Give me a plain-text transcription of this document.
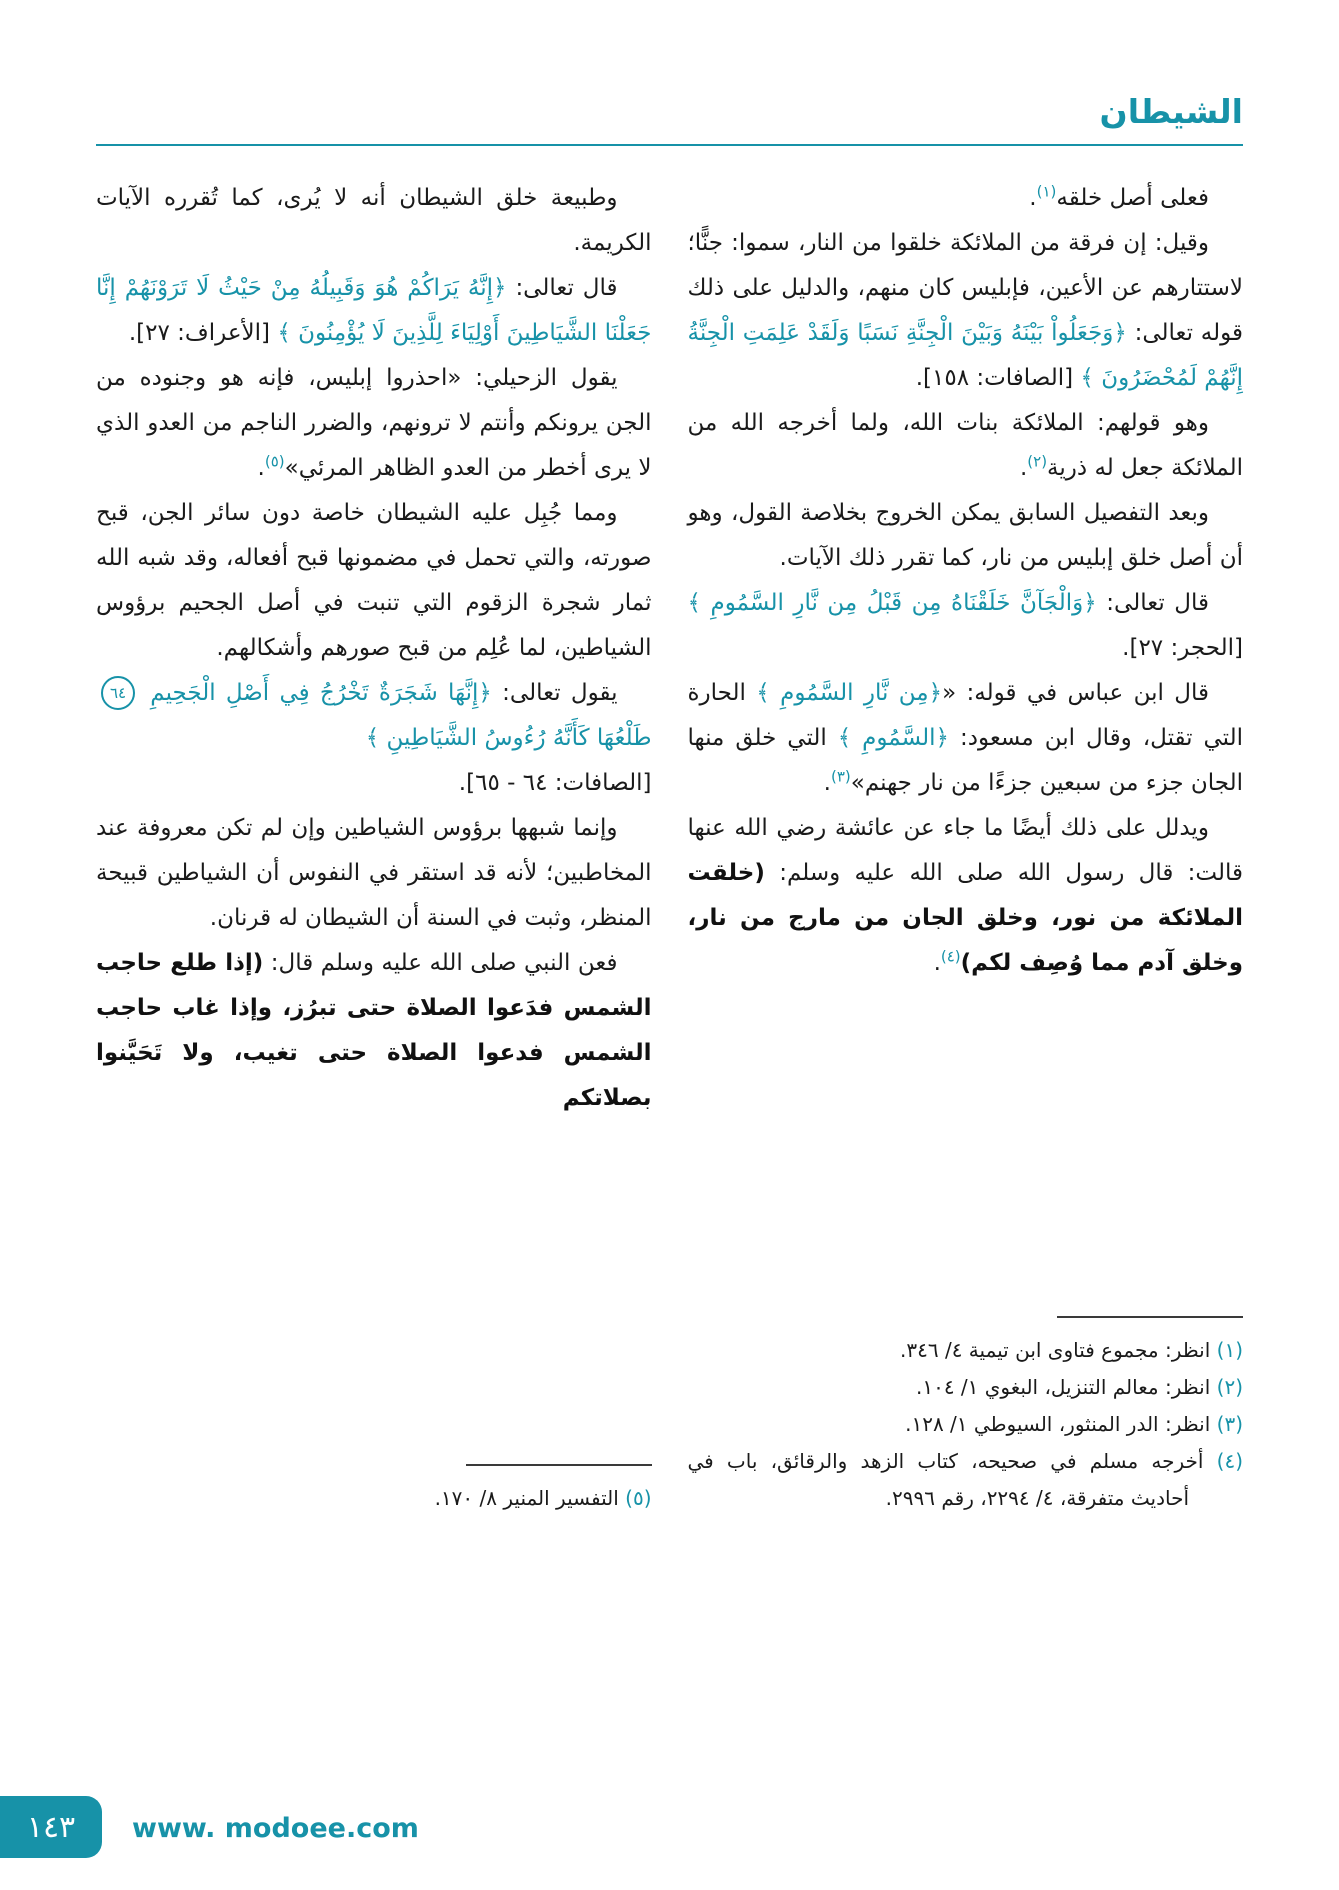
الشيطان

فعلى أصل خلقه$^{(١)}$.

وقيل: إن فرقة من الملائكة خلقوا من النار، سموا: جنًّا؛ لاستتارهم عن الأعين، فإبليس كان منهم، والدليل على ذلك قوله تعالى: ﴿وَجَعَلُواْ بَيْنَهُ وَبَيْنَ الْجِنَّةِ نَسَبًا وَلَقَدْ عَلِمَتِ الْجِنَّةُ إِنَّهُمْ لَمُحْضَرُونَ ﴾ [الصافات: ١٥٨].

وهو قولهم: الملائكة بنات الله، ولما أخرجه الله من الملائكة جعل له ذرية$^{(٢)}$.

وبعد التفصيل السابق يمكن الخروج بخلاصة القول، وهو أن أصل خلق إبليس من نار، كما تقرر ذلك الآيات.

قال تعالى: ﴿وَالْجَآنَّ خَلَقْنَاهُ مِن قَبْلُ مِن نَّارِ السَّمُومِ ﴾ [الحجر: ٢٧].

قال ابن عباس في قوله: «﴿مِن نَّارِ السَّمُومِ ﴾ الحارة التي تقتل، وقال ابن مسعود: ﴿السَّمُومِ ﴾ التي خلق منها الجان جزء من سبعين جزءًا من نار جهنم»$^{(٣)}$.

ويدلل على ذلك أيضًا ما جاء عن عائشة رضي الله عنها قالت: قال رسول الله صلى الله عليه وسلم: (خلقت الملائكة من نور، وخلق الجان من مارج من نار، وخلق آدم مما وُصِف لكم)$^{(٤)}$.

(١) انظر: مجموع فتاوى ابن تيمية ٤/ ٣٤٦.
(٢) انظر: معالم التنزيل، البغوي ١/ ١٠٤.
(٣) انظر: الدر المنثور، السيوطي ١/ ١٢٨.
(٤) أخرجه مسلم في صحيحه، كتاب الزهد والرقائق، باب في أحاديث متفرقة، ٤/ ٢٢٩٤، رقم ٢٩٩٦.

وطبيعة خلق الشيطان أنه لا يُرى، كما تُقرره الآيات الكريمة.

قال تعالى: ﴿إِنَّهُ يَرَاكُمْ هُوَ وَقَبِيلُهُ مِنْ حَيْثُ لَا تَرَوْنَهُمْ إِنَّا جَعَلْنَا الشَّيَاطِينَ أَوْلِيَاءَ لِلَّذِينَ لَا يُؤْمِنُونَ ﴾ [الأعراف: ٢٧].

يقول الزحيلي: «احذروا إبليس، فإنه هو وجنوده من الجن يرونكم وأنتم لا ترونهم، والضرر الناجم من العدو الذي لا يرى أخطر من العدو الظاهر المرئي»$^{(٥)}$.

ومما جُبِل عليه الشيطان خاصة دون سائر الجن، قبح صورته، والتي تحمل في مضمونها قبح أفعاله، وقد شبه الله ثمار شجرة الزقوم التي تنبت في أصل الجحيم برؤوس الشياطين، لما عُلِم من قبح صورهم وأشكالهم.

يقول تعالى: ﴿إِنَّهَا شَجَرَةٌ تَخْرُجُ فِي أَصْلِ الْجَحِيمِ ٦٤ طَلْعُهَا كَأَنَّهُ رُءُوسُ الشَّيَاطِينِ ﴾

[الصافات: ٦٤ - ٦٥].

وإنما شبهها برؤوس الشياطين وإن لم تكن معروفة عند المخاطبين؛ لأنه قد استقر في النفوس أن الشياطين قبيحة المنظر، وثبت في السنة أن الشيطان له قرنان.

فعن النبي صلى الله عليه وسلم قال: (إذا طلع حاجب الشمس فدَعوا الصلاة حتى تبرُز، وإذا غاب حاجب الشمس فدعوا الصلاة حتى تغيب، ولا تَحَيَّنوا بصلاتكم

(٥) التفسير المنير ٨/ ١٧٠.
١٤٣ www. modoee.com
